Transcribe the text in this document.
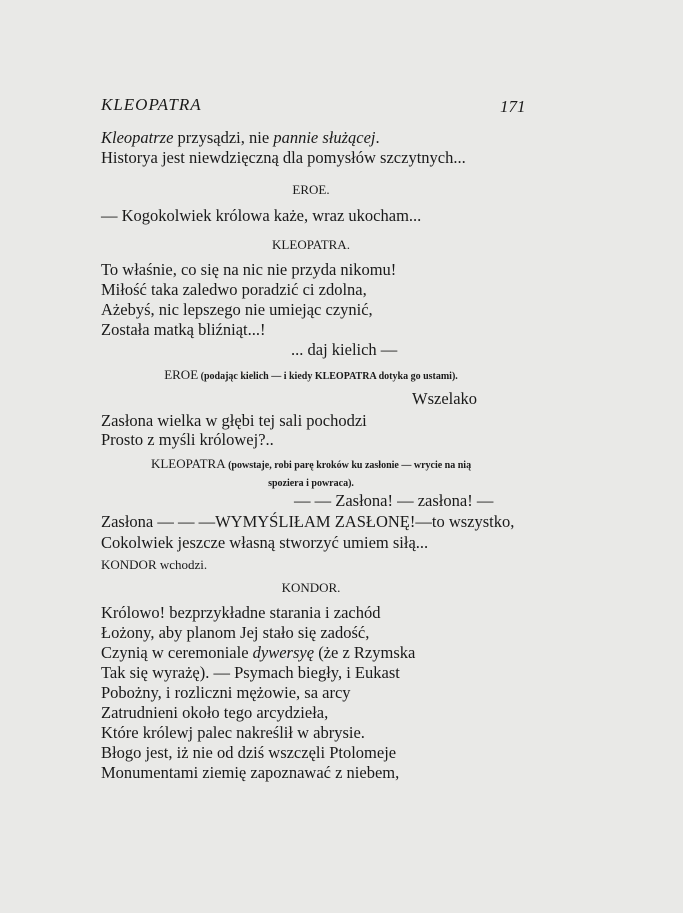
KLEOPATRA	171
Kleopatrze przysądzi, nie pannie służącej.
Historya jest niewdzięczną dla pomysłów szczytnych...
EROE.
— Kogokolwiek królowa każe, wraz ukocham...
KLEOPATRA.
To właśnie, co się na nic nie przyda nikomu!
Miłość taka zaledwo poradzić ci zdolna,
Ażebyś, nic lepszego nie umiejąc czynić,
Została matką bliźniąt...!
... daj kielich —
EROE (podając kielich — i kiedy KLEOPATRA dotyka go ustami).
Wszelako
Zasłona wielka w głębi tej sali pochodzi
Prosto z myśli królowej?..
KLEOPATRA (powstaje, robi parę kroków ku zasłonie — wrycie na nią
spoziera i powraca).
— — Zasłona! — zasłona! —
Zasłona — — —WYMYŚLIŁAM ZASŁONĘ!—to wszystko,
Cokolwiek jeszcze własną stworzyć umiem siłą...
KONDOR wchodzi.
KONDOR.
Królowo! bezprzykładne starania i zachód
Łożony, aby planom Jej stało się zadość,
Czynią w ceremoniale dywersyę (że z Rzymska
Tak się wyrażę). — Psymach biegły, i Eukast
Pobożny, i rozliczni mężowie, sa arcy
Zatrudnieni około tego arcydzieła,
Które królewj palec nakreślił w abrysie.
Błogo jest, iż nie od dziś wszczęli Ptolomeje
Monumentami ziemię zapoznawać z niebem,
